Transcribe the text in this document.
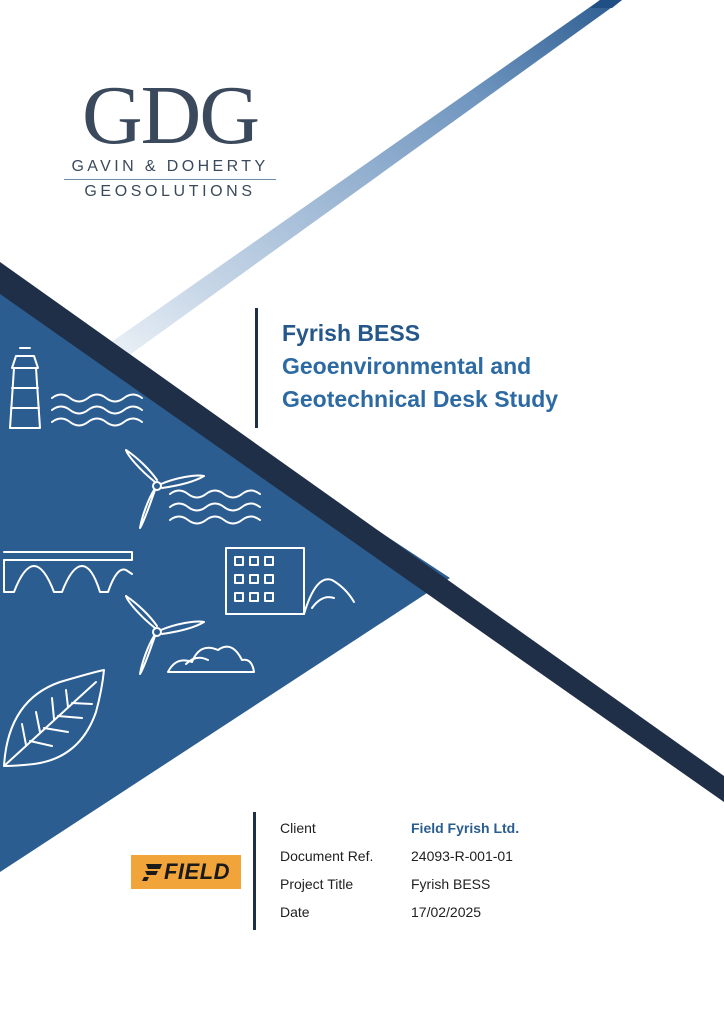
GDG
GAVIN & DOHERTY
GEOSOLUTIONS
Fyrish BESS
Geoenvironmental and
Geotechnical Desk Study
FIELD
Client	Field Fyrish Ltd.
Document Ref.	24093-R-001-01
Project Title	Fyrish BESS
Date	17/02/2025
